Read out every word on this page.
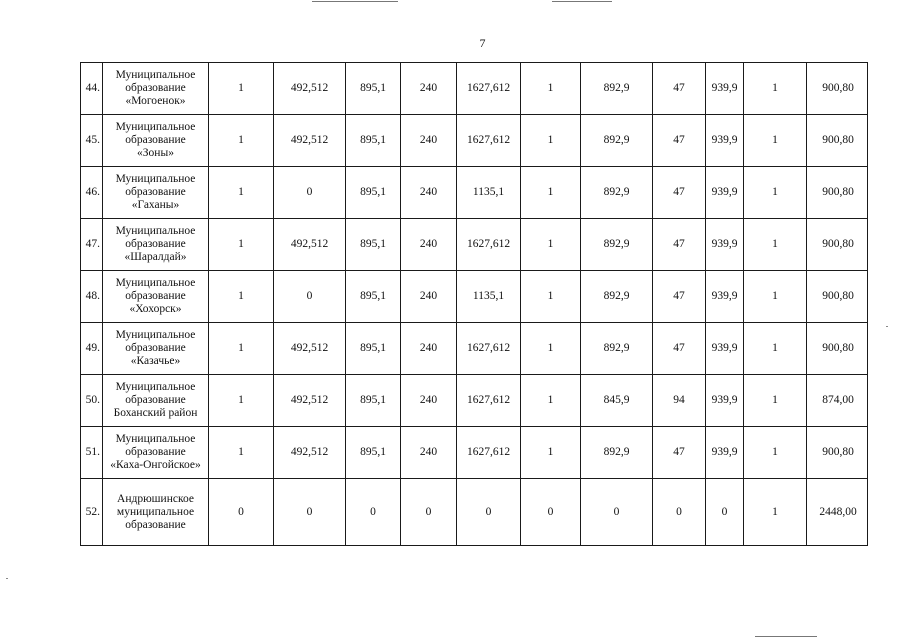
7
44.	Муниципальное
образование
«Могоенок»	1	492,512	895,1	240	1627,612	1	892,9	47	939,9	1	900,80
45.	Муниципальное
образование
«Зоны»	1	492,512	895,1	240	1627,612	1	892,9	47	939,9	1	900,80
46.	Муниципальное
образование
«Гаханы»	1	0	895,1	240	1135,1	1	892,9	47	939,9	1	900,80
47.	Муниципальное
образование
«Шаралдай»	1	492,512	895,1	240	1627,612	1	892,9	47	939,9	1	900,80
48.	Муниципальное
образование
«Хохорск»	1	0	895,1	240	1135,1	1	892,9	47	939,9	1	900,80
49.	Муниципальное
образование
«Казачье»	1	492,512	895,1	240	1627,612	1	892,9	47	939,9	1	900,80
50.	Муниципальное
образование
Боханский район	1	492,512	895,1	240	1627,612	1	845,9	94	939,9	1	874,00
51.	Муниципальное
образование
«Каха-Онгойское»	1	492,512	895,1	240	1627,612	1	892,9	47	939,9	1	900,80
52.	Андрюшинское
муниципальное
образование	0	0	0	0	0	0	0	0	0	1	2448,00
